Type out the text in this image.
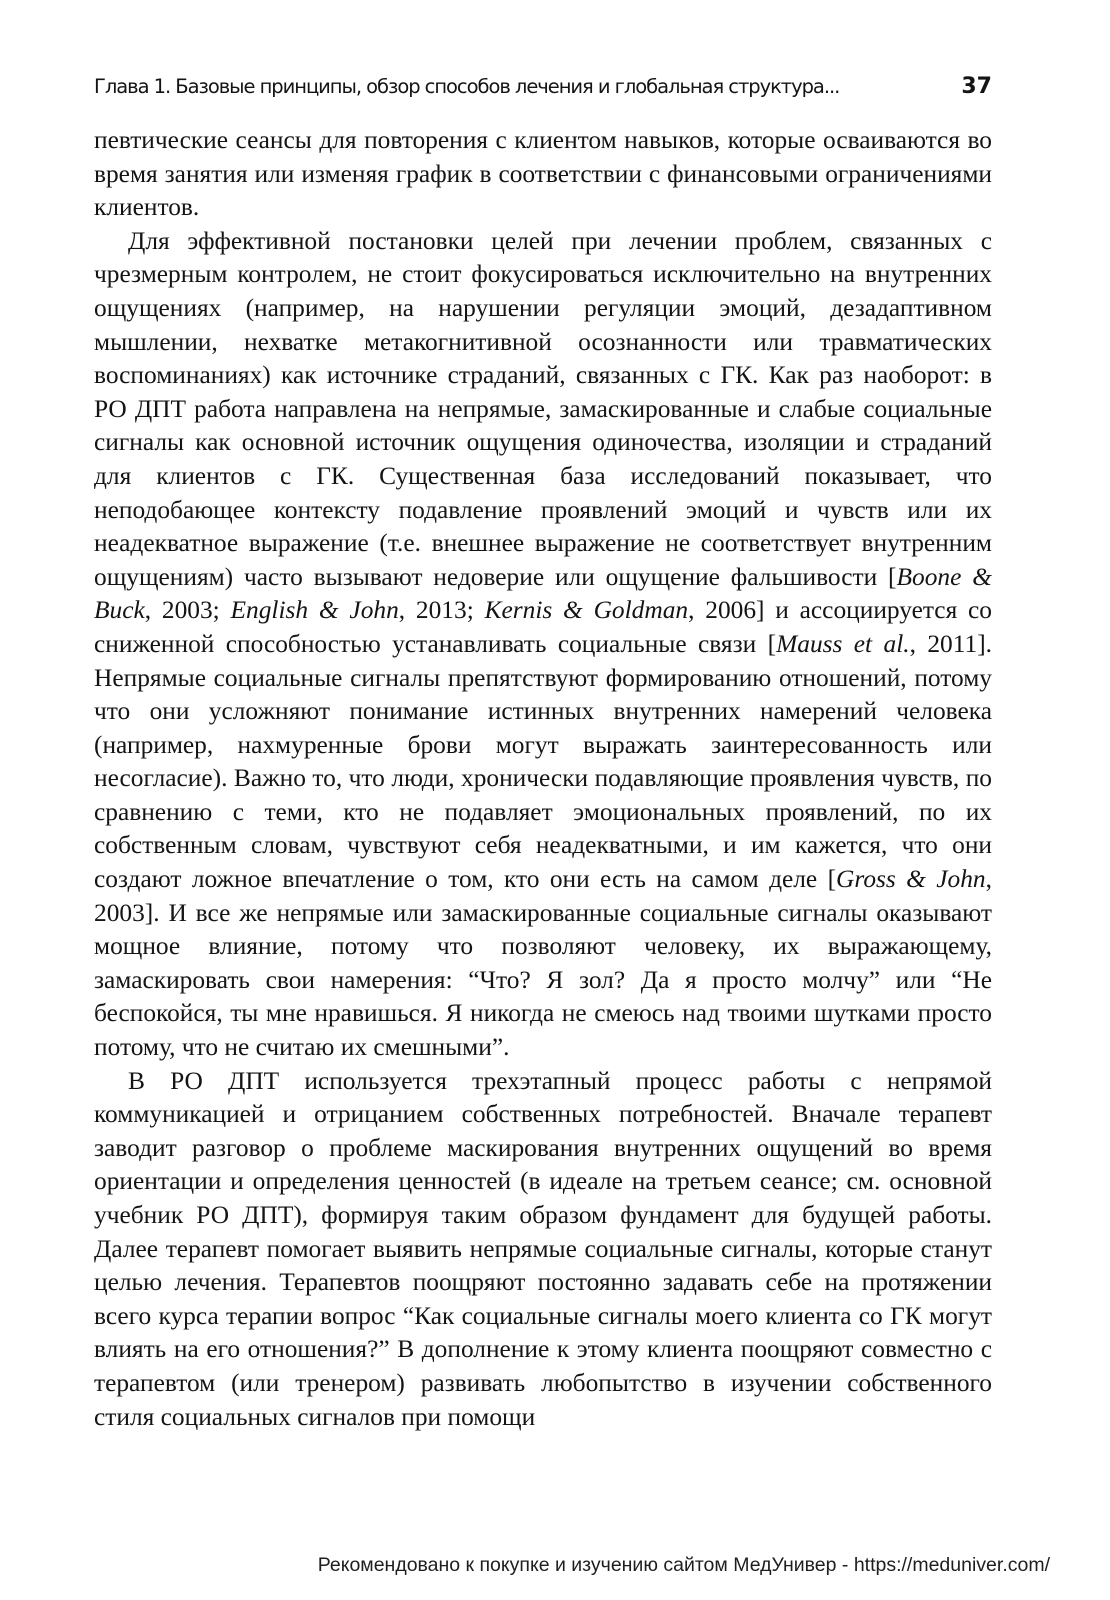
Глава 1. Базовые принципы, обзор способов лечения и глобальная структура...	37

певтические сеансы для повторения с клиентом навыков, которые осваиваются во время занятия или изменяя график в соответствии с финансовыми ограничениями клиентов.

Для эффективной постановки целей при лечении проблем, связанных с чрезмерным контролем, не стоит фокусироваться исключительно на внутренних ощущениях (например, на нарушении регуляции эмоций, дезадаптивном мышлении, нехватке метакогнитивной осознанности или травматических воспоминаниях) как источнике страданий, связанных с ГК. Как раз наоборот: в РО ДПТ работа направлена на непрямые, замаскированные и слабые социальные сигналы как основной источник ощущения одиночества, изоляции и страданий для клиентов с ГК. Существенная база исследований показывает, что неподобающее контексту подавление проявлений эмоций и чувств или их неадекватное выражение (т.е. внешнее выражение не соответствует внутренним ощущениям) часто вызывают недоверие или ощущение фальшивости [Boone & Buck, 2003; English & John, 2013; Kernis & Goldman, 2006] и ассоциируется со сниженной способностью устанавливать социальные связи [Mauss et al., 2011]. Непрямые социальные сигналы препятствуют формированию отношений, потому что они усложняют понимание истинных внутренних намерений человека (например, нахмуренные брови могут выражать заинтересованность или несогласие). Важно то, что люди, хронически подавляющие проявления чувств, по сравнению с теми, кто не подавляет эмоциональных проявлений, по их собственным словам, чувствуют себя неадекватными, и им кажется, что они создают ложное впечатление о том, кто они есть на самом деле [Gross & John, 2003]. И все же непрямые или замаскированные социальные сигналы оказывают мощное влияние, потому что позволяют человеку, их выражающему, замаскировать свои намерения: “Что? Я зол? Да я просто молчу” или “Не беспокойся, ты мне нравишься. Я никогда не смеюсь над твоими шутками просто потому, что не считаю их смешными”.

В РО ДПТ используется трехэтапный процесс работы с непрямой коммуникацией и отрицанием собственных потребностей. Вначале терапевт заводит разговор о проблеме маскирования внутренних ощущений во время ориентации и определения ценностей (в идеале на третьем сеансе; см. основной учебник РО ДПТ), формируя таким образом фундамент для будущей работы. Далее терапевт помогает выявить непрямые социальные сигналы, которые станут целью лечения. Терапевтов поощряют постоянно задавать себе на протяжении всего курса терапии вопрос “Как социальные сигналы моего клиента со ГК могут влиять на его отношения?” В дополнение к этому клиента поощряют совместно с терапевтом (или тренером) развивать любопытство в изучении собственного стиля социальных сигналов при помощи

Рекомендовано к покупке и изучению сайтом МедУнивер - https://meduniver.com/
